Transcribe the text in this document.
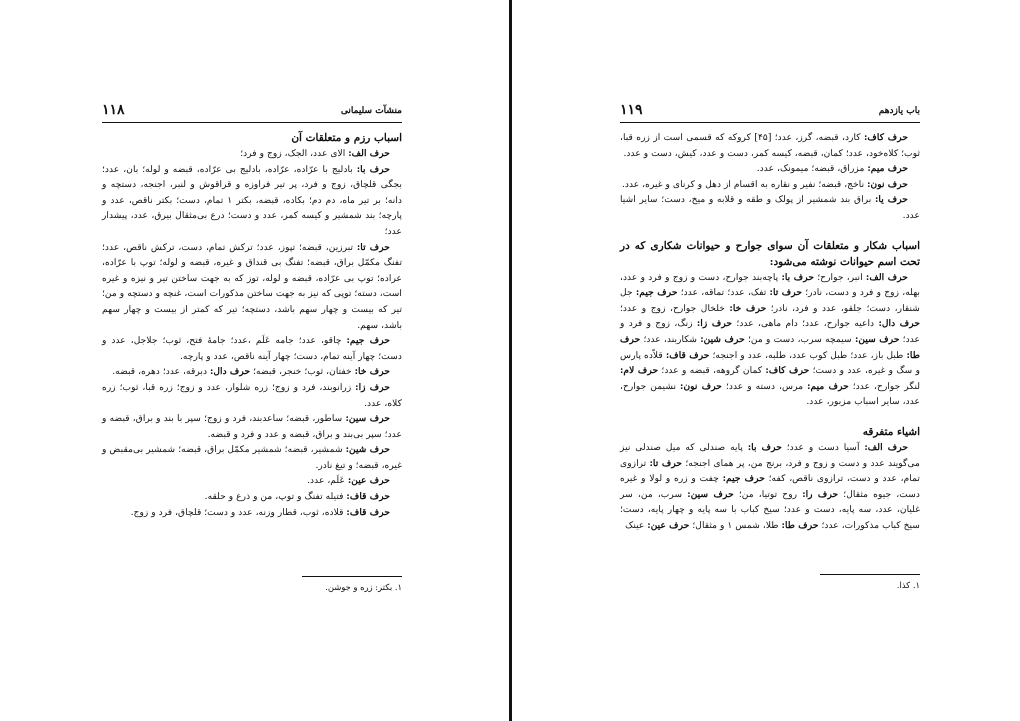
۱۱۸	منشآت سلیمانی
اسباب رزم و متعلقات آن

حرف الف: الای عدد، الجک، زوج و فرد؛

حرف با: بادلیج با عرّاده، عرّاده، بادلیج بی عرّاده، قبضه و لوله؛ بان، عدد؛ بجگی قلچاق، زوج و فرد، پر تیر فراوزه و قراقوش و لنبر، اجنجه، دستچه و دانه؛ بر تیر ماه، دم دم؛ بکاده، قبضه، بکتر ۱ تمام، دست؛ بکتر ناقص، عدد و پارچه؛ بند شمشیر و کیسه کمر، عدد و دست؛ درع بی‌مثقال بیرق، عدد، پیشدار عدد؛

حرف تا: تبرزین، قبضه؛ تپوز، عدد؛ ترکش تمام، دست، ترکش ناقص، عدد؛ تفنگ مکمّل براق، قبضه؛ تفنگ بی قنداق و غیره، قبضه و لوله؛ توپ با عرّاده، عراده؛ توپ بی عرّاده، قبضه و لوله، توز که به جهت ساختن تیر و نیزه و غیره است، دسته؛ توپی که نیز به جهت ساختن مذکورات است، غنچه و دستچه و من؛ تیر که بیست و چهار سهم باشد، دستچه؛ تیر که کمتر از بیست و چهار سهم باشد، سهم.

حرف جیم: چاقو، عدد؛ جامه عَلَم ،عدد؛ جامهٔ فتح، ثوب؛ جلاجل، عدد و دست؛ چهار آینه تمام، دست؛ چهار آینه ناقص، عدد و پارچه.

حرف خا: خفتان، ثوب؛ خنجر، قبضه؛ حرف دال: دبرقه، عدد؛ دهره، قبضه.

حرف زا: زرانوبند، فرد و زوج؛ زره شلوار، عدد و زوج؛ زره قبا، ثوب؛ زره کلاه، عدد.

حرف سین: ساطور، قبضه؛ ساعدبند، فرد و زوج؛ سپر با بند و براق، قبضه و عدد؛ سپر بی‌بند و براق، قبضه و عدد و فرد و قبضه.

حرف شین: شمشیر، قبضه؛ شمشیر مکمّل براق، قبضه؛ شمشیر بی‌مقبض و غیره، قبضه؛ و تیغ نادر.

حرف عین: عَلَم، عدد.

حرف قاف: فتیله تفنگ و توپ، من و ذرع و حلقه.

حرف قاف: قلاده، ثوب، قطار وزنه، عدد و دست؛ قلچاق، فرد و زوج.

۱. بکتر: زره و جوشن.
۱۱۹	باب یازدهم

حرف کاف: کارد، قبضه، گرز، عدد؛ [۴۵] کروکه که قسمی است از زره قبا، ثوب؛ کلاه‌خود، عدد؛ کمان، قبضه، کیسه کمر، دست و عدد، کیش، دست و عدد.

حرف میم: مزراق، قبضه؛ میمونک، عدد.

حرف نون: ناخج، قبضه؛ نفیر و نقاره به اقسام از دهل و کرنای و غیره، عدد.

حرف یا: براق بند شمشیر از پولک و طقه و قلابه و میخ، دست؛ سایر اشیا عدد.

اسباب شکار و متعلقات آن سوای جوارح و حیوانات شکاری که در تحت اسم حیوانات نوشته می‌شود:

حرف الف: انبر، جوارح؛ حرف با: پاچه‌بند جوارح، دست و زوج و فرد و عدد، بهله، زوج و فرد و دست، نادر؛ حرف تا: تفک، عدد؛ تماقه، عدد؛ حرف جیم: جل شنقار، دست؛ جلقو، عدد و فرد، نادر؛ حرف خا: خلخال جوارح، زوج و عدد؛ حرف دال: داعیه جوارح، عدد؛ دام ماهی، عدد؛ حرف زا: زنگ، زوج و فرد و عدد؛ حرف سین: سیمچه سرب، دست و من؛ حرف شین: شکاربند، عدد؛ حرف طا: طبل باز، عدد؛ طبل کوب عدد، طلبه، عدد و اجنجه؛ حرف قاف: قلاّده پارس و سگ و غیره، عدد و دست؛ حرف کاف: کمان گروهه، قبضه و عدد؛ حرف لام: لنگر جوارح، عدد؛ حرف میم: مرس، دسته و عدد؛ حرف نون: نشیمن جوارح، عدد، سایر اسباب مزبور، عدد.

اشیاء متفرقه

حرف الف: آسیا دست و عدد؛ حرف با: پایه صندلی که میل صندلی نیز می‌گویند عدد و دست و زوج و فرد، برنج من، پر همای اجنجه؛ حرف تا: ترازوی تمام، عدد و دست، ترازوی ناقص، کفه؛ حرف جیم: چفت و زره و لولا و غیره دست، جیوه مثقال؛ حرف را: روح توتیا، من؛ حرف سین: سرب، من، سر غلیان، عدد، سه پایه، دست و عدد؛ سیخ کباب با سه پایه و چهار پایه، دست؛ سیخ کباب مذکورات، عدد؛ حرف طا: طلا، شمس ۱ و مثقال؛ حرف عین: عینک

۱. کذا.
